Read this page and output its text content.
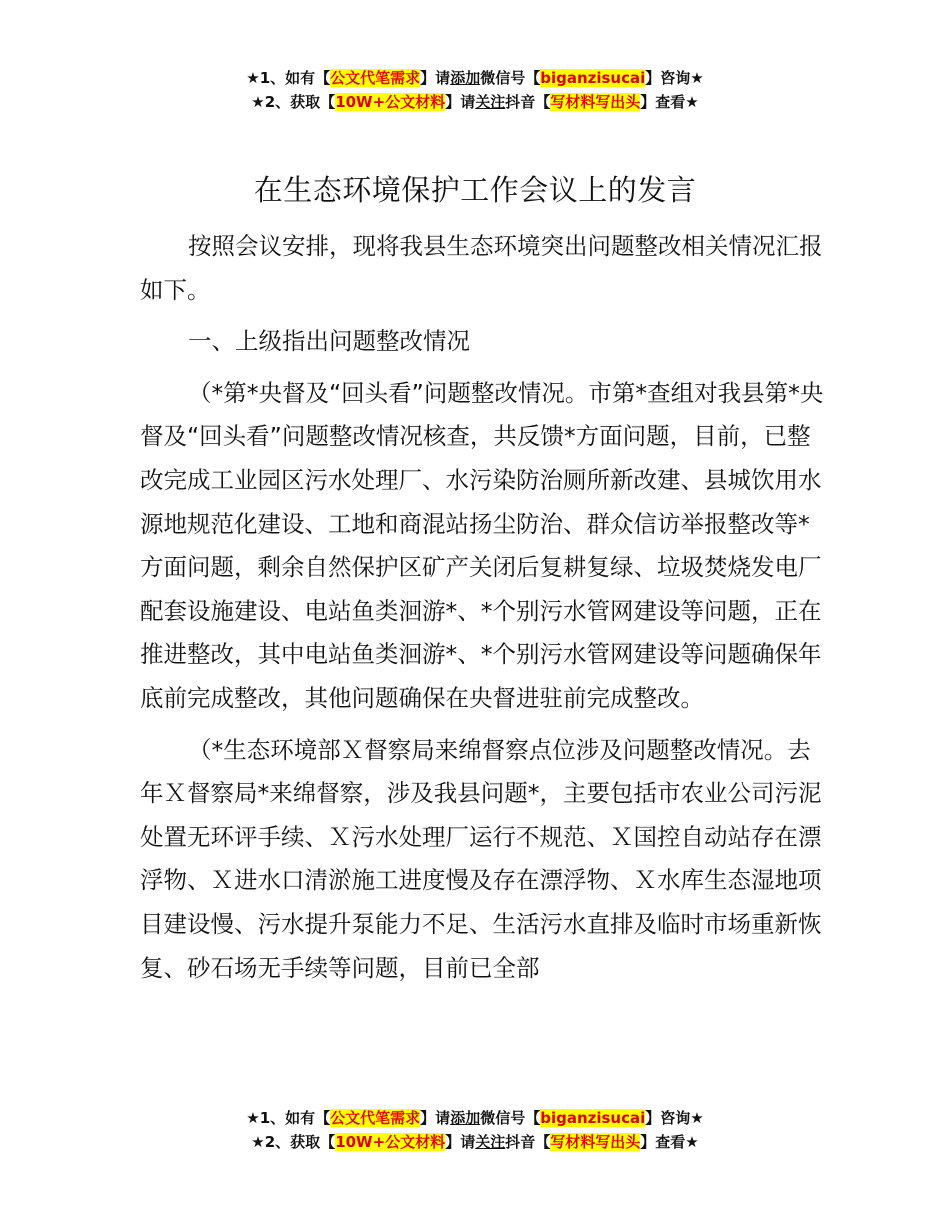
★1、如有【公文代笔需求】请添加微信号【biganzisucai】咨询★
★2、获取【10W+公文材料】请关注抖音【写材料写出头】查看★
在生态环境保护工作会议上的发言

按照会议安排，现将我县生态环境突出问题整改相关情况汇报如下。

一、上级指出问题整改情况

（*第*央督及“回头看”问题整改情况。市第*查组对我县第*央督及“回头看”问题整改情况核查，共反馈*方面问题，目前，已整改完成工业园区污水处理厂、水污染防治厕所新改建、县城饮用水源地规范化建设、工地和商混站扬尘防治、群众信访举报整改等*方面问题，剩余自然保护区矿产关闭后复耕复绿、垃圾焚烧发电厂配套设施建设、电站鱼类洄游*、*个别污水管网建设等问题，正在推进整改，其中电站鱼类洄游*、*个别污水管网建设等问题确保年底前完成整改，其他问题确保在央督进驻前完成整改。

（*生态环境部Ｘ督察局来绵督察点位涉及问题整改情况。去年Ｘ督察局*来绵督察，涉及我县问题*，主要包括市农业公司污泥处置无环评手续、Ｘ污水处理厂运行不规范、Ｘ国控自动站存在漂浮物、Ｘ进水口清淤施工进度慢及存在漂浮物、Ｘ水库生态湿地项目建设慢、污水提升泵能力不足、生活污水直排及临时市场重新恢复、砂石场无手续等问题，目前已全部

★1、如有【公文代笔需求】请添加微信号【biganzisucai】咨询★
★2、获取【10W+公文材料】请关注抖音【写材料写出头】查看★
